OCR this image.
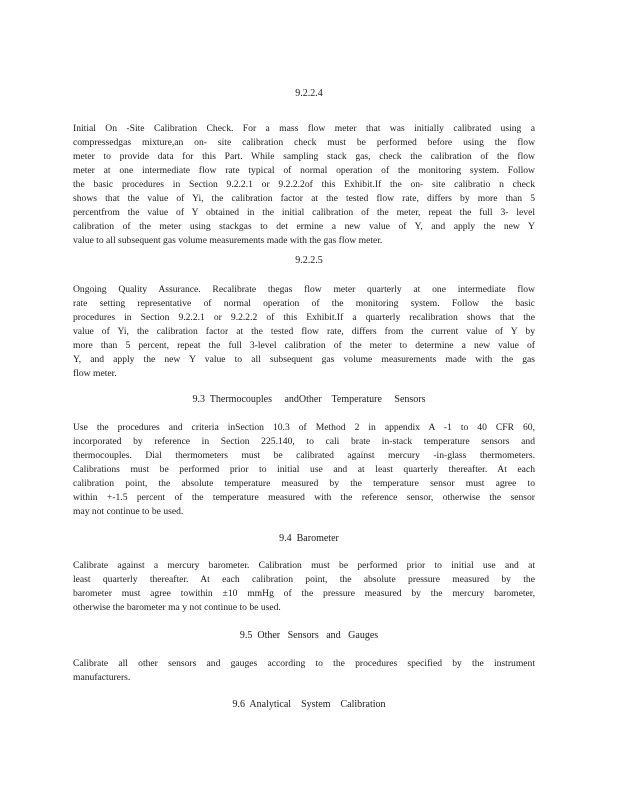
9.2.2.4
Initial On -Site Calibration Check. For a mass flow meter that was initially calibrated using a
compressedgas mixture,an on- site calibration check must be performed before using the flow
meter to provide data for this Part. While sampling stack gas, check the calibration of the flow
meter at one intermediate flow rate typical of normal operation of the monitoring system. Follow
the basic procedures in Section 9.2.2.1 or 9.2.2.2of this Exhibit.If the on- site calibratio n check
shows that the value of Yi, the calibration factor at the tested flow rate, differs by more than 5
percentfrom the value of Y obtained in the initial calibration of the meter, repeat the full 3- level
calibration of the meter using stackgas to det ermine a new value of Y, and apply the new Y
value to all subsequent gas volume measurements made with the gas flow meter.
9.2.2.5
Ongoing Quality Assurance. Recalibrate thegas flow meter quarterly at one intermediate flow
rate setting representative of normal operation of the monitoring system. Follow the basic
procedures in Section 9.2.2.1 or 9.2.2.2 of this Exhibit.If a quarterly recalibration shows that the
value of Yi, the calibration factor at the tested flow rate, differs from the current value of Y by
more than 5 percent, repeat the full 3-level calibration of the meter to determine a new value of
Y, and apply the new Y value to all subsequent gas volume measurements made with the gas
flow meter.
9.3  Thermocouples     andOther    Temperature     Sensors
Use the procedures and criteria inSection 10.3 of Method 2 in appendix A -1 to 40 CFR 60,
incorporated by reference in Section 225.140, to cali brate in-stack temperature sensors and
thermocouples. Dial thermometers must be calibrated against mercury -in-glass thermometers.
Calibrations must be performed prior to initial use and at least quarterly thereafter. At each
calibration point, the absolute temperature measured by the temperature sensor must agree to
within +-1.5 percent of the temperature measured with the reference sensor, otherwise the sensor
may not continue to be used.
9.4  Barometer
Calibrate against a mercury barometer. Calibration must be performed prior to initial use and at
least quarterly thereafter. At each calibration point, the absolute pressure measured by the
barometer must agree towithin ±10 mmHg of the pressure measured by the mercury barometer,
otherwise the barometer ma y not continue to be used.
9.5  Other   Sensors   and   Gauges
Calibrate all other sensors and gauges according to the procedures specified by the instrument
manufacturers.
9.6  Analytical    System    Calibration
